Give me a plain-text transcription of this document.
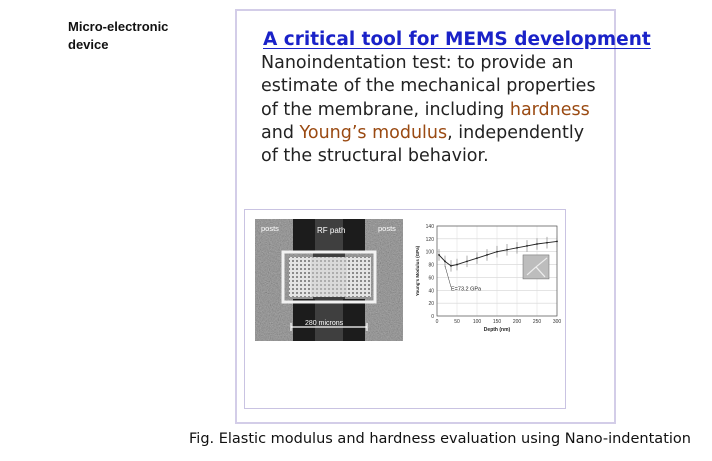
Micro-electronic
device	A critical tool for MEMS development
Nanoindentation test: to provide an
estimate of the mechanical properties
of the membrane, including hardness
and Young’s modulus, independently
of the structural behavior.
posts	RF path	posts
280 microns
0
20
40
60
80
100
120
140
0	50	100 150 200 250 300
E=73.2 GPa
Depth (nm)
Young's Modulus (GPa)
Fig. Elastic modulus and hardness evaluation using Nano-indentation
